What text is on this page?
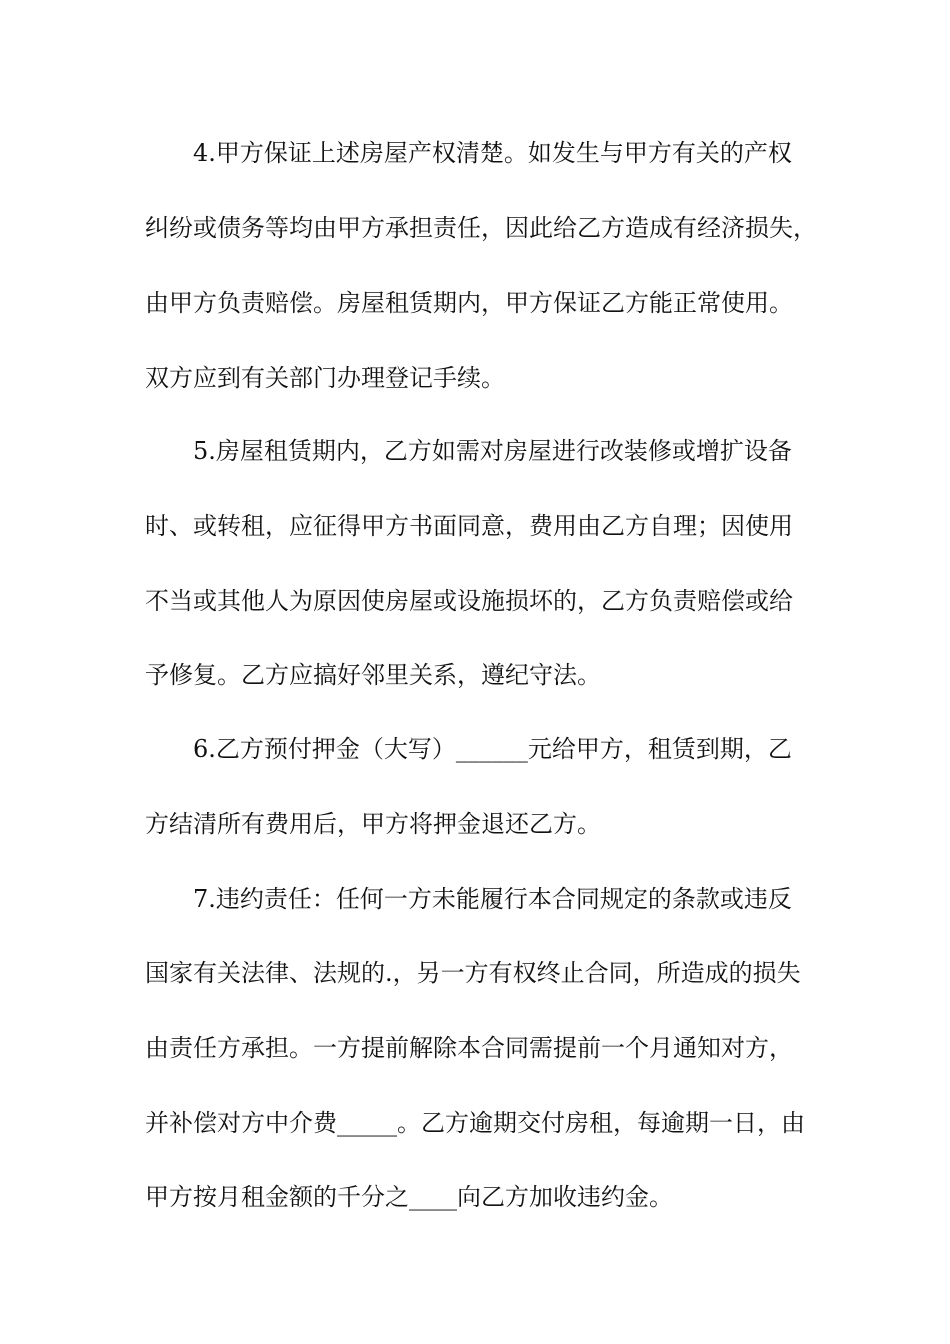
4.甲方保证上述房屋产权清楚。如发生与甲方有关的产权
纠纷或债务等均由甲方承担责任，因此给乙方造成有经济损失，
由甲方负责赔偿。房屋租赁期内，甲方保证乙方能正常使用。
双方应到有关部门办理登记手续。
5.房屋租赁期内，乙方如需对房屋进行改装修或增扩设备
时、或转租，应征得甲方书面同意，费用由乙方自理；因使用
不当或其他人为原因使房屋或设施损坏的，乙方负责赔偿或给
予修复。乙方应搞好邻里关系，遵纪守法。
6.乙方预付押金（大写）______元给甲方，租赁到期，乙
方结清所有费用后，甲方将押金退还乙方。
7.违约责任：任何一方未能履行本合同规定的条款或违反
国家有关法律、法规的.，另一方有权终止合同，所造成的损失
由责任方承担。一方提前解除本合同需提前一个月通知对方，
并补偿对方中介费_____。乙方逾期交付房租，每逾期一日，由
甲方按月租金额的千分之____向乙方加收违约金。
